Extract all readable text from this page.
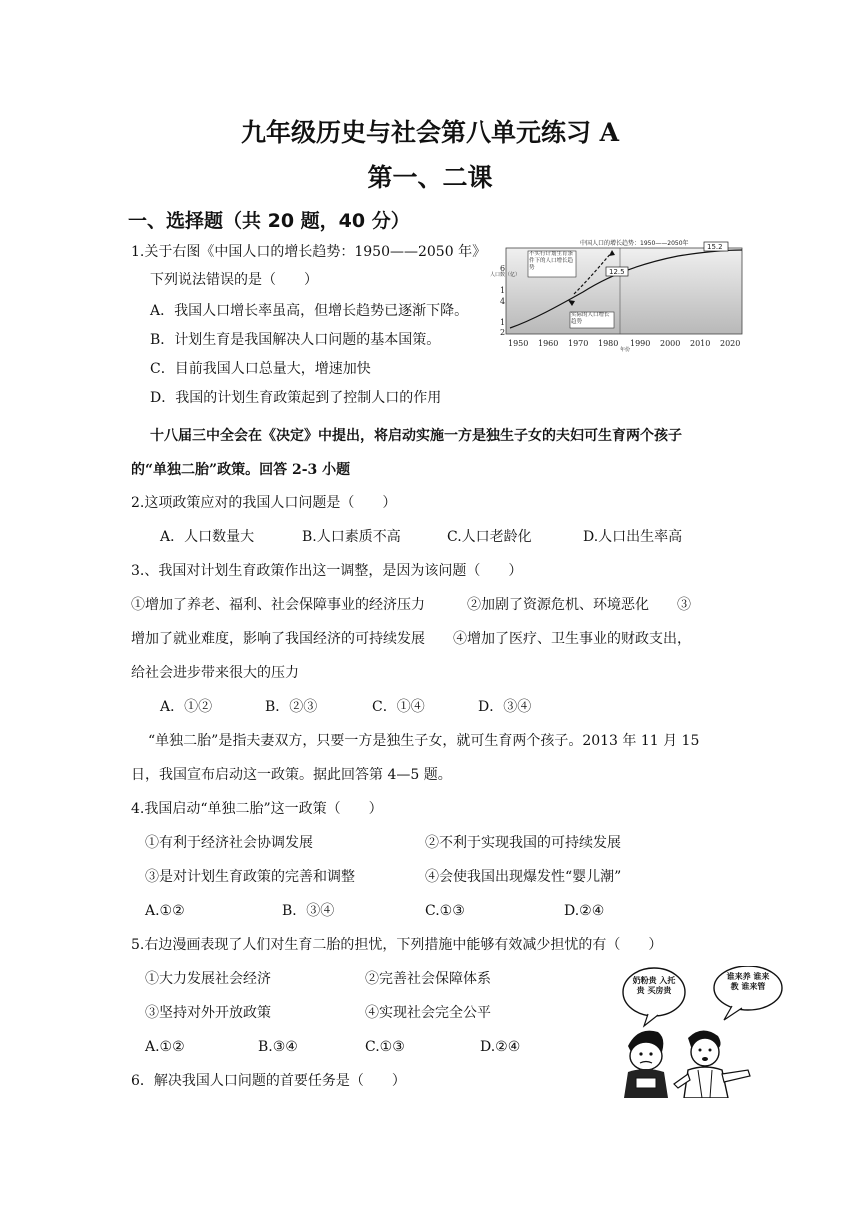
九年级历史与社会第八单元练习 A
第一、二课
一、选择题（共 20 题，40 分）
1.关于右图《中国人口的增长趋势：1950——2050 年》
下列说法错误的是（　　）
A．我国人口增长率虽高，但增长趋势已逐渐下降。
B．计划生育是我国解决人口问题的基本国策。
C．目前我国人口总量大，增速加快
D．我国的计划生育政策起到了控制人口的作用
中国人口的增长趋势：1950——2050年
12.5
15.2
不实行计划生育条件下的人口增长趋势
实际的人口增长趋势
人口数（亿）
6
1
4
1
2
1950 1960 1970 1980 1990 2000 2010 2020
年份
十八届三中全会在《决定》中提出，将启动实施一方是独生子女的夫妇可生育两个孩子
的“单独二胎”政策。回答 2-3 小题
2.这项政策应对的我国人口问题是（　　）
A．人口数量大	B.人口素质不高	C.人口老龄化	D.人口出生率高
3.、我国对计划生育政策作出这一调整，是因为该问题（　　）
①增加了养老、福利、社会保障事业的经济压力　　　②加剧了资源危机、环境恶化　　③
增加了就业难度，影响了我国经济的可持续发展　　④增加了医疗、卫生事业的财政支出，
给社会进步带来很大的压力
A．①②	B．②③	C．①④	D．③④
“单独二胎”是指夫妻双方，只要一方是独生子女，就可生育两个孩子。2013 年 11 月 15
日，我国宣布启动这一政策。据此回答第 4—5 题。
4.我国启动“单独二胎”这一政策（　　）
①有利于经济社会协调发展	②不利于实现我国的可持续发展
③是对计划生育政策的完善和调整	④会使我国出现爆发性“婴儿潮”
A.①②	B．③④	C.①③	D.②④
5.右边漫画表现了人们对生育二胎的担忧，下列措施中能够有效减少担忧的有（　　）
①大力发展社会经济	②完善社会保障体系
③坚持对外开放政策	④实现社会完全公平
A.①②	B.③④	C.①③	D.②④
奶粉贵 入托贵 买房贵
谁来养 谁来教 谁来管
6．解决我国人口问题的首要任务是（　　）
